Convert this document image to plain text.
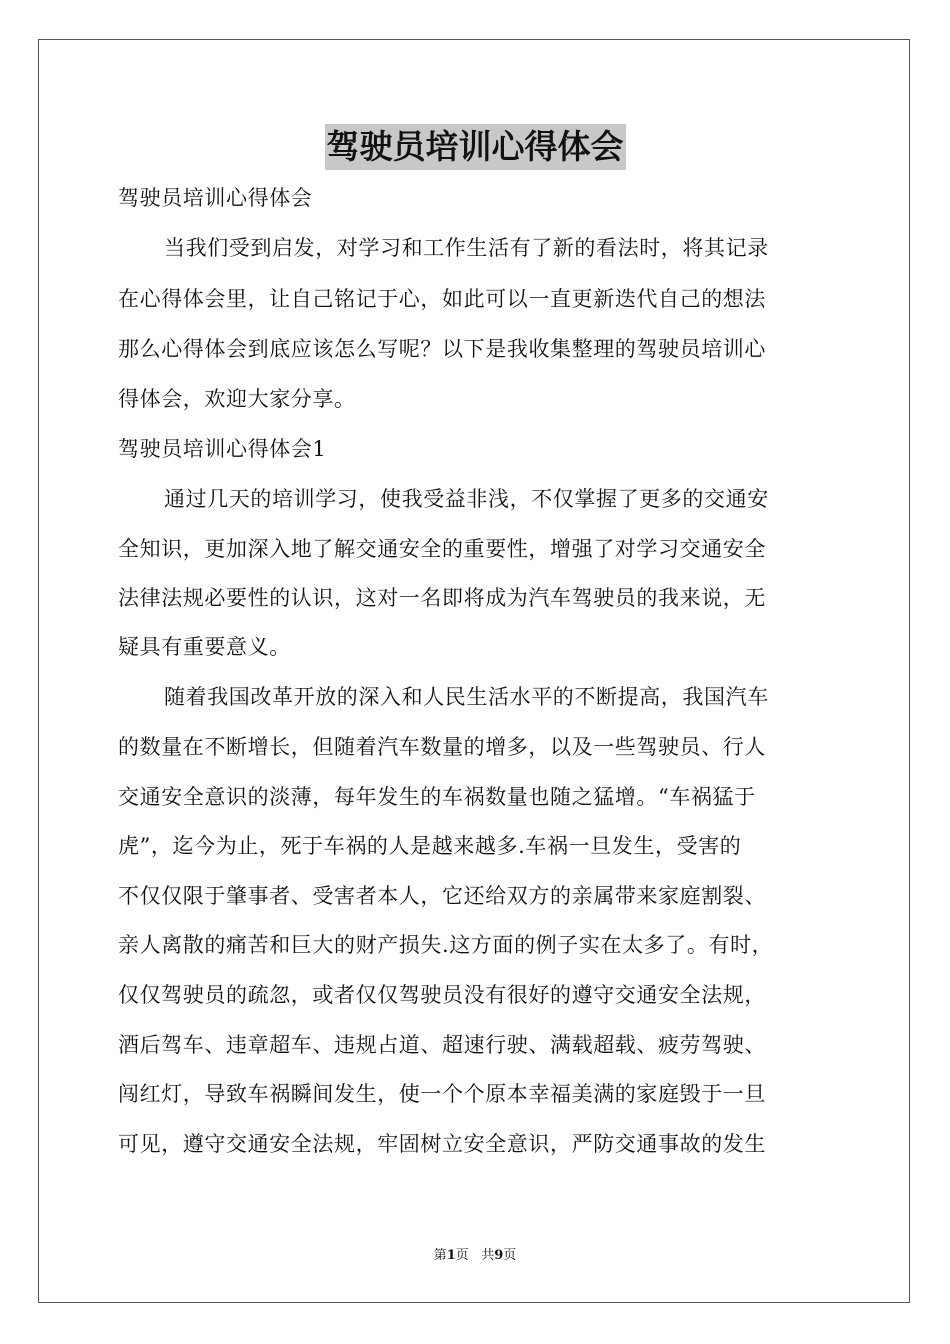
驾驶员培训心得体会
驾驶员培训心得体会
当我们受到启发，对学习和工作生活有了新的看法时，将其记录
在心得体会里，让自己铭记于心，如此可以一直更新迭代自己的想法
那么心得体会到底应该怎么写呢？以下是我收集整理的驾驶员培训心
得体会，欢迎大家分享。
驾驶员培训心得体会1
通过几天的培训学习，使我受益非浅，不仅掌握了更多的交通安
全知识，更加深入地了解交通安全的重要性，增强了对学习交通安全
法律法规必要性的认识，这对一名即将成为汽车驾驶员的我来说，无
疑具有重要意义。
随着我国改革开放的深入和人民生活水平的不断提高，我国汽车
的数量在不断增长，但随着汽车数量的增多，以及一些驾驶员、行人
交通安全意识的淡薄，每年发生的车祸数量也随之猛增。“车祸猛于
虎”，迄今为止，死于车祸的人是越来越多.车祸一旦发生，受害的
不仅仅限于肇事者、受害者本人，它还给双方的亲属带来家庭割裂、
亲人离散的痛苦和巨大的财产损失.这方面的例子实在太多了。有时，
仅仅驾驶员的疏忽，或者仅仅驾驶员没有很好的遵守交通安全法规，
酒后驾车、违章超车、违规占道、超速行驶、满载超载、疲劳驾驶、
闯红灯，导致车祸瞬间发生，使一个个原本幸福美满的家庭毁于一旦
可见，遵守交通安全法规，牢固树立安全意识，严防交通事故的发生
第1页 共9页
